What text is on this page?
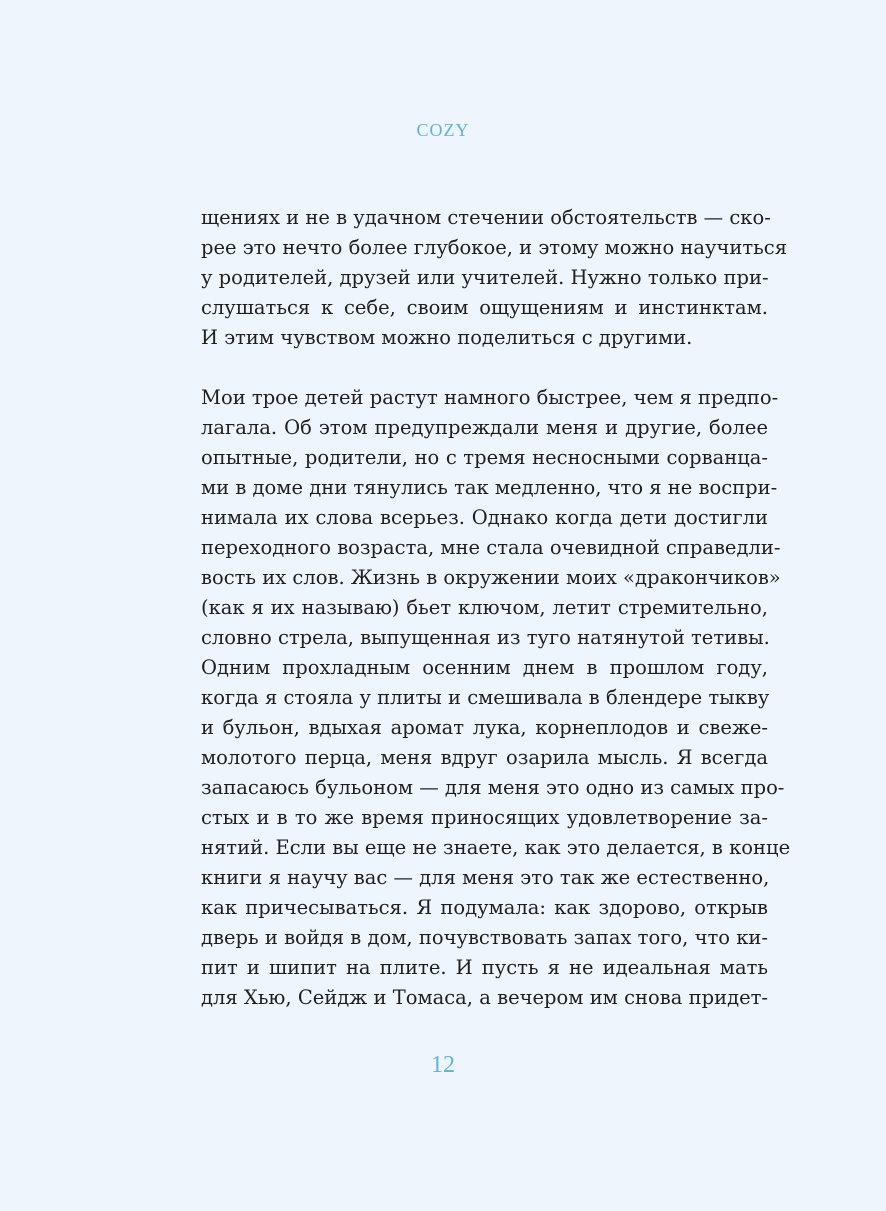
COZY

щениях и не в удачном стечении обстоятельств — ско-
рее это нечто более глубокое, и этому можно научиться
у родителей, друзей или учителей. Нужно только при-
слушаться к себе, своим ощущениям и инстинктам.
И этим чувством можно поделиться с другими.

Мои трое детей растут намного быстрее, чем я предпо-
лагала. Об этом предупреждали меня и другие, более
опытные, родители, но с тремя несносными сорванца-
ми в доме дни тянулись так медленно, что я не воспри-
нимала их слова всерьез. Однако когда дети достигли
переходного возраста, мне стала очевидной справедли-
вость их слов. Жизнь в окружении моих «дракончиков»
(как я их называю) бьет ключом, летит стремительно,
словно стрела, выпущенная из туго натянутой тетивы.
Одним прохладным осенним днем в прошлом году,
когда я стояла у плиты и смешивала в блендере тыкву
и бульон, вдыхая аромат лука, корнеплодов и свеже-
молотого перца, меня вдруг озарила мысль. Я всегда
запасаюсь бульоном — для меня это одно из самых про-
стых и в то же время приносящих удовлетворение за-
нятий. Если вы еще не знаете, как это делается, в конце
книги я научу вас — для меня это так же естественно,
как причесываться. Я подумала: как здорово, открыв
дверь и войдя в дом, почувствовать запах того, что ки-
пит и шипит на плите. И пусть я не идеальная мать
для Хью, Сейдж и Томаса, а вечером им снова придет-

12
